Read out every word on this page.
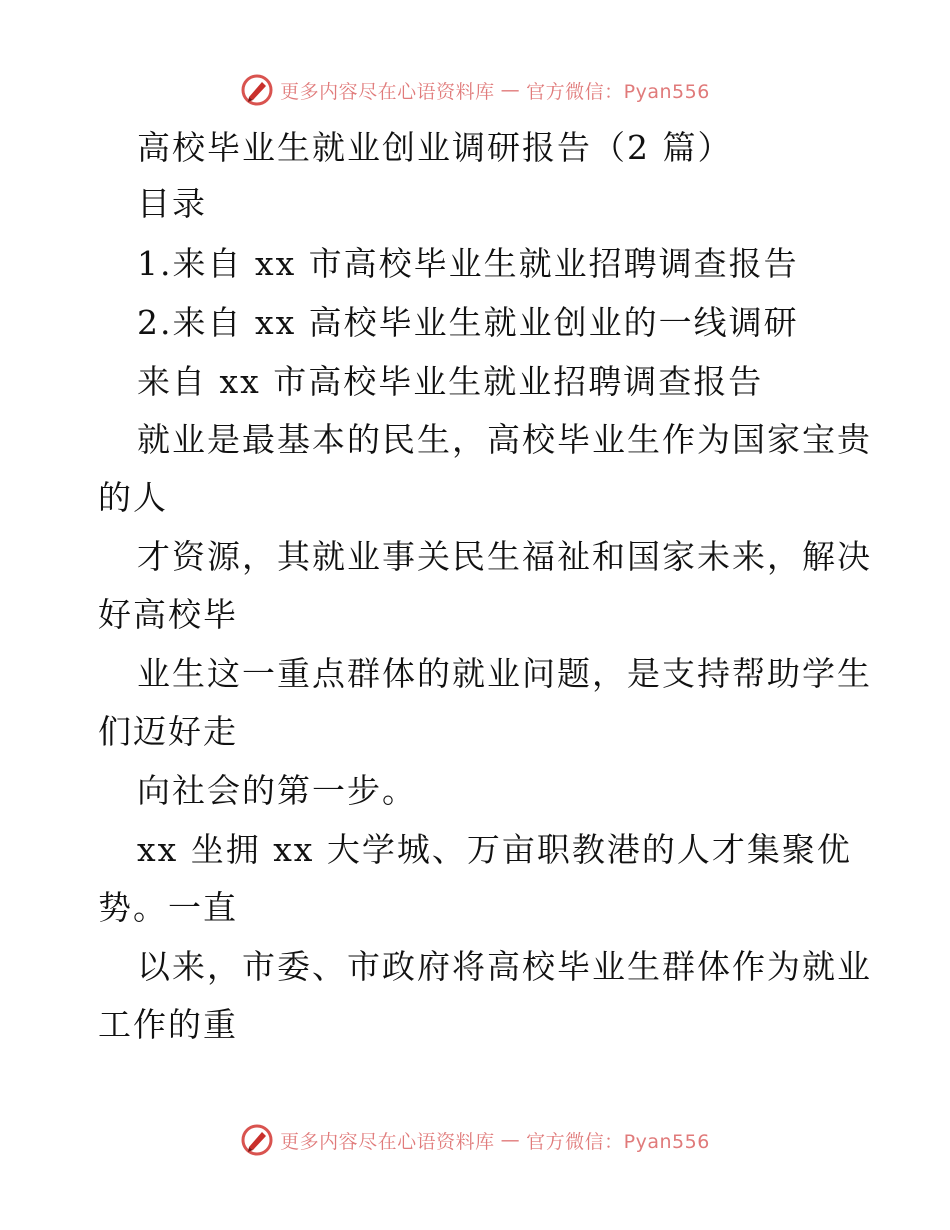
更多内容尽在心语资料库 — 官方微信：Pyan556
高校毕业生就业创业调研报告（2 篇）
目录
1.来自 xx 市高校毕业生就业招聘调查报告
2.来自 xx 高校毕业生就业创业的一线调研
来自 xx 市高校毕业生就业招聘调查报告
就业是最基本的民生，高校毕业生作为国家宝贵
的人
才资源，其就业事关民生福祉和国家未来，解决
好高校毕
业生这一重点群体的就业问题，是支持帮助学生
们迈好走
向社会的第一步。
xx 坐拥 xx 大学城、万亩职教港的人才集聚优
势。一直
以来，市委、市政府将高校毕业生群体作为就业
工作的重
更多内容尽在心语资料库 — 官方微信：Pyan556
